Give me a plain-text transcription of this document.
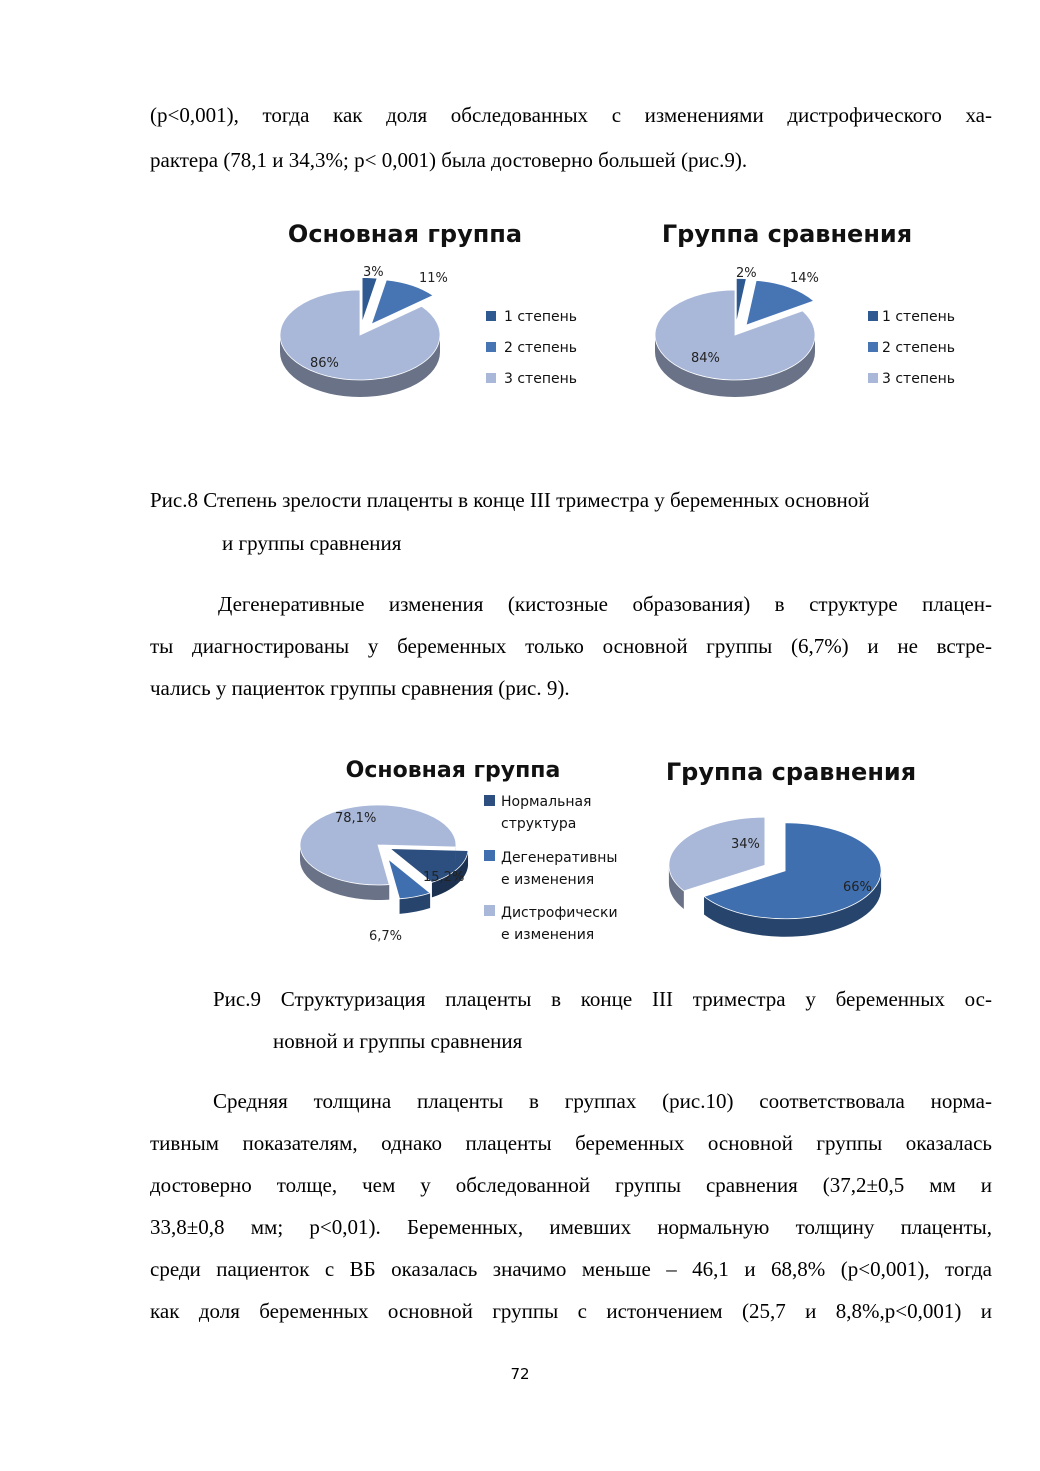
(р<0,001), тогда как доля обследованных с изменениями дистрофического ха-
рактера (78,1 и 34,3%; р< 0,001) была достоверно большей (рис.9).
Основная группа
3%	11%
86%
1 степень
2 степень
3 степень
Группа сравнения
2%	14%
84%
1 степень
2 степень
3 степень
Рис.8 Степень зрелости плаценты в конце III триместра у беременных основной
и группы сравнения
Дегенеративные изменения (кистозные образования) в структуре плацен-
ты диагностированы у беременных только основной группы (6,7%) и не встре-
чались у пациенток группы сравнения (рис. 9).
Основная группа
78,1%
15,2%
6,7%
Нормальная
структура
Дегенеративны
е изменения
Дистрофически
е изменения
Группа сравнения
34%
66%
Рис.9 Структуризация плаценты в конце III триместра у беременных ос-
новной и группы сравнения
Средняя толщина плаценты в группах (рис.10) соответствовала норма-
тивным показателям, однако плаценты беременных основной группы оказалась
достоверно толще, чем у обследованной группы сравнения (37,2±0,5 мм и
33,8±0,8 мм; р<0,01). Беременных, имевших нормальную толщину плаценты,
среди пациенток с ВБ оказалась значимо меньше – 46,1 и 68,8% (р<0,001), тогда
как доля беременных основной группы с истончением (25,7 и 8,8%,р<0,001) и
72
